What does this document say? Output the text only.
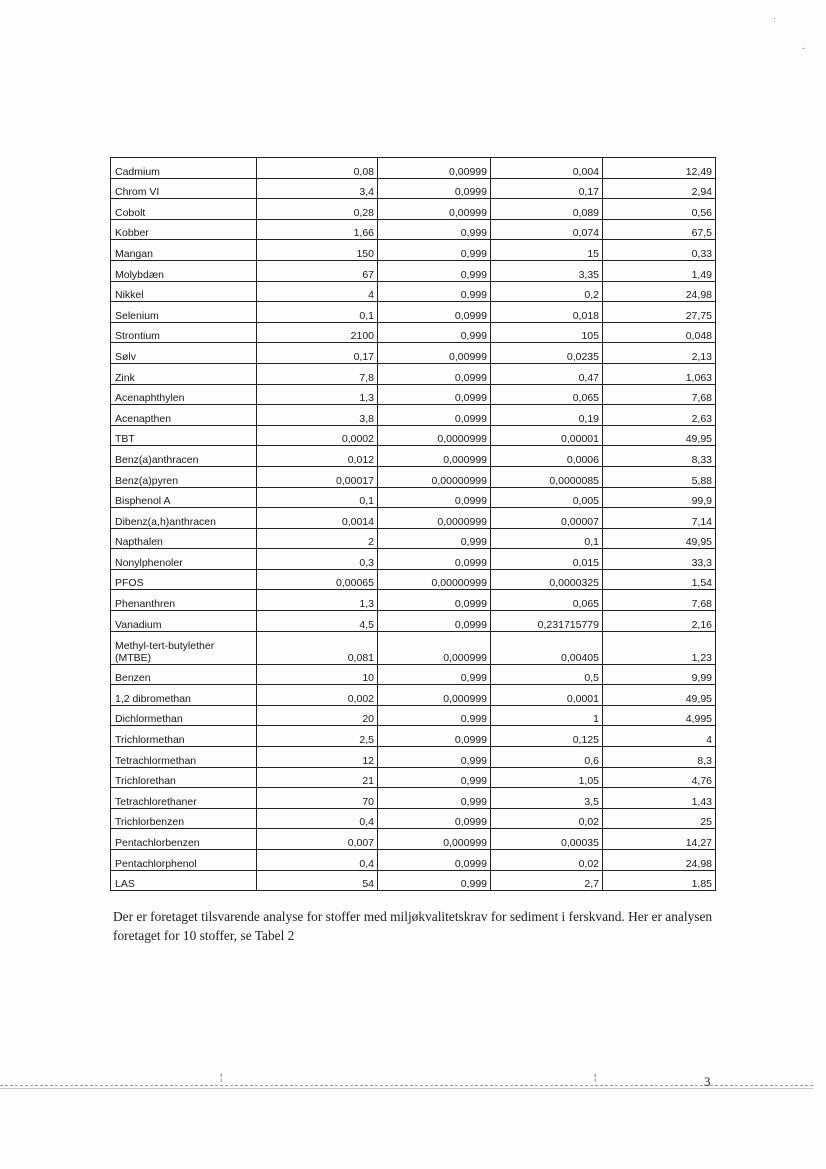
·
-
Cadmium	0,08	0,00999	0,004	12,49
Chrom VI	3,4	0,0999	0,17	2,94
Cobolt	0,28	0,00999	0,089	0,56
Kobber	1,66	0,999	0,074	67,5
Mangan	150	0,999	15	0,33
Molybdæn	67	0,999	3,35	1,49
Nikkel	4	0,999	0,2	24,98
Selenium	0,1	0,0999	0,018	27,75
Strontium	2100	0,999	105	0,048
Sølv	0,17	0,00999	0,0235	2,13
Zink	7,8	0,0999	0,47	1,063
Acenaphthylen	1,3	0,0999	0,065	7,68
Acenapthen	3,8	0,0999	0,19	2,63
TBT	0,0002	0,0000999	0,00001	49,95
Benz(a)anthracen	0,012	0,000999	0,0006	8,33
Benz(a)pyren	0,00017	0,00000999	0,0000085	5,88
Bisphenol A	0,1	0,0999	0,005	99,9
Dibenz(a,h)anthracen	0,0014	0,0000999	0,00007	7,14
Napthalen	2	0,999	0,1	49,95
Nonylphenoler	0,3	0,0999	0,015	33,3
PFOS	0,00065	0,00000999	0,0000325	1,54
Phenanthren	1,3	0,0999	0,065	7,68
Vanadium	4,5	0,0999	0,231715779	2,16
Methyl-tert-butylether (MTBE)	0,081	0,000999	0,00405	1,23
Benzen	10	0,999	0,5	9,99
1,2 dibromethan	0,002	0,000999	0,0001	49,95
Dichlormethan	20	0,999	1	4,995
Trichlormethan	2,5	0,0999	0,125	4
Tetrachlormethan	12	0,999	0,6	8,3
Trichlorethan	21	0,999	1,05	4,76
Tetrachlorethaner	70	0,999	3,5	1,43
Trichlorbenzen	0,4	0,0999	0,02	25
Pentachlorbenzen	0,007	0,000999	0,00035	14,27
Pentachlorphenol	0,4	0,0999	0,02	24,98
LAS	54	0,999	2,7	1,85

Der er foretaget tilsvarende analyse for stoffer med miljøkvalitetskrav for sediment i ferskvand. Her er analysen foretaget for 10 stoffer, se Tabel 2

¦	¦	3
